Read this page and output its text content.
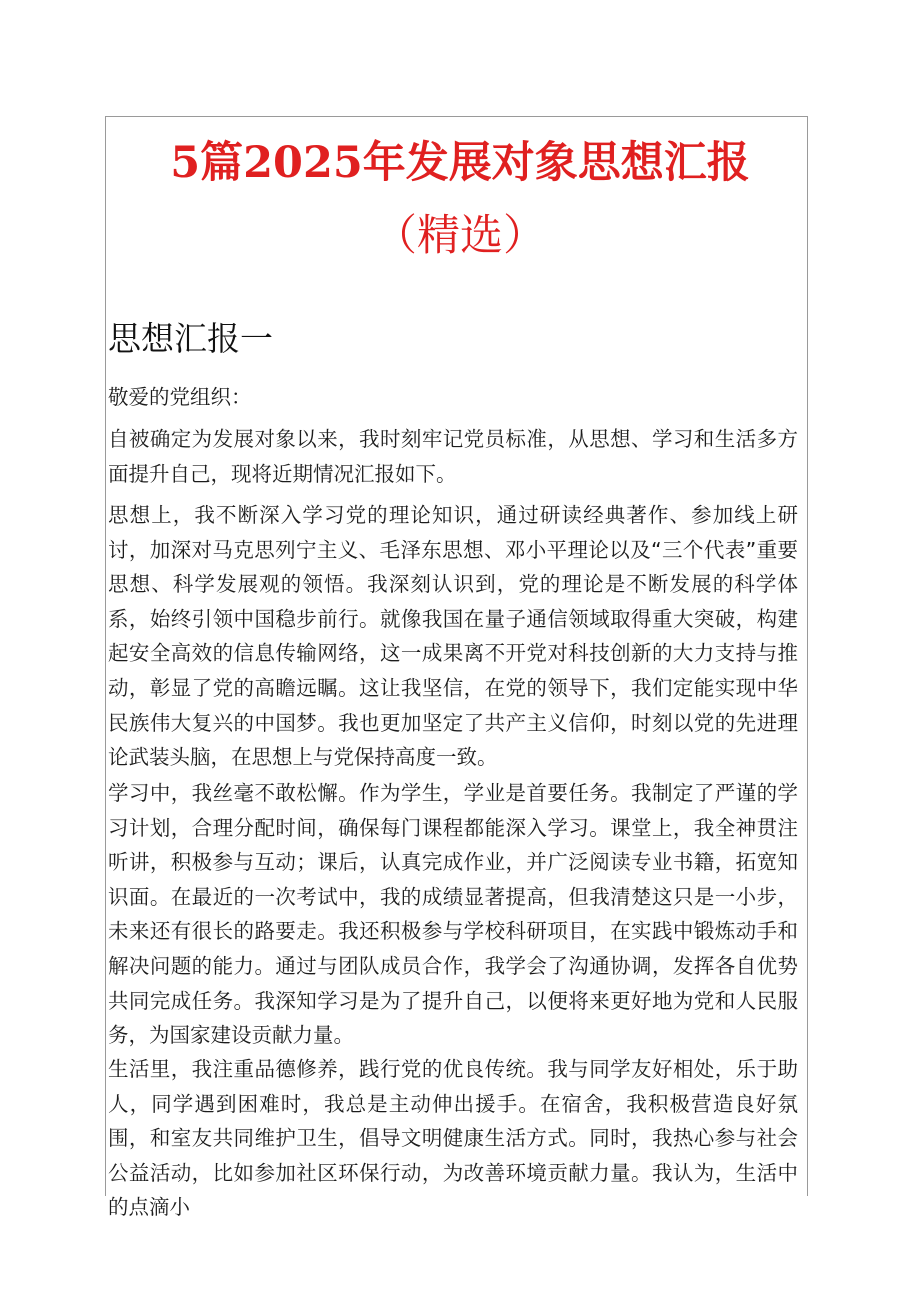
5篇2025年发展对象思想汇报
（精选）
思想汇报一

敬爱的党组织：

自被确定为发展对象以来，我时刻牢记党员标准，从思想、学习和生活多方面提升自己，现将近期情况汇报如下。

思想上，我不断深入学习党的理论知识，通过研读经典著作、参加线上研讨，加深对马克思列宁主义、毛泽东思想、邓小平理论以及“三个代表”重要思想、科学发展观的领悟。我深刻认识到，党的理论是不断发展的科学体系，始终引领中国稳步前行。就像我国在量子通信领域取得重大突破，构建起安全高效的信息传输网络，这一成果离不开党对科技创新的大力支持与推动，彰显了党的高瞻远瞩。这让我坚信，在党的领导下，我们定能实现中华民族伟大复兴的中国梦。我也更加坚定了共产主义信仰，时刻以党的先进理论武装头脑，在思想上与党保持高度一致。

学习中，我丝毫不敢松懈。作为学生，学业是首要任务。我制定了严谨的学习计划，合理分配时间，确保每门课程都能深入学习。课堂上，我全神贯注听讲，积极参与互动；课后，认真完成作业，并广泛阅读专业书籍，拓宽知识面。在最近的一次考试中，我的成绩显著提高，但我清楚这只是一小步，未来还有很长的路要走。我还积极参与学校科研项目，在实践中锻炼动手和解决问题的能力。通过与团队成员合作，我学会了沟通协调，发挥各自优势共同完成任务。我深知学习是为了提升自己，以便将来更好地为党和人民服务，为国家建设贡献力量。

生活里，我注重品德修养，践行党的优良传统。我与同学友好相处，乐于助人，同学遇到困难时，我总是主动伸出援手。在宿舍，我积极营造良好氛围，和室友共同维护卫生，倡导文明健康生活方式。同时，我热心参与社会公益活动，比如参加社区环保行动，为改善环境贡献力量。我认为，生活中的点滴小
